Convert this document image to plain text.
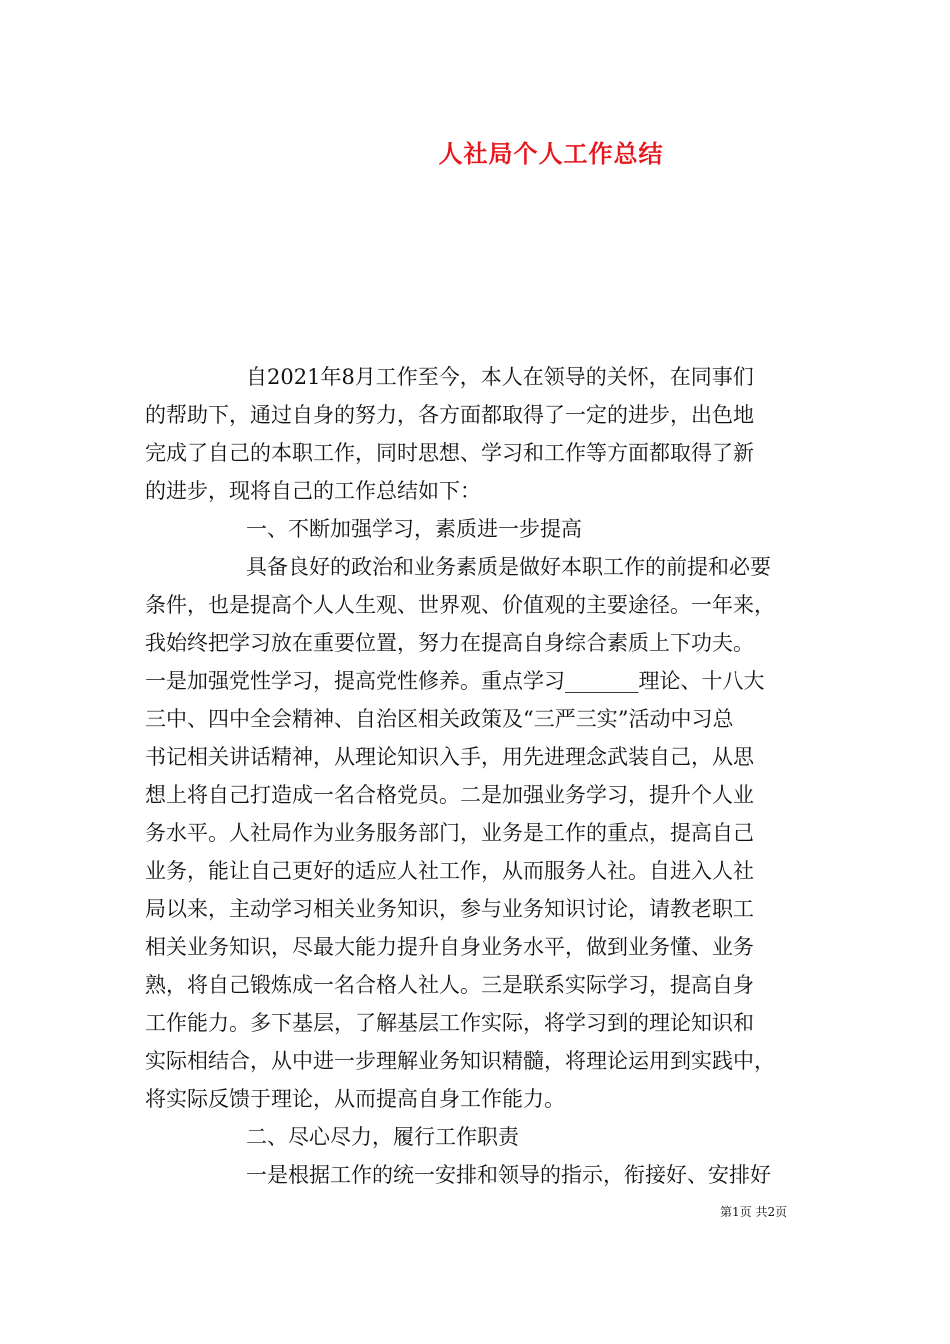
人社局个人工作总结
自2021年8月工作至今，本人在领导的关怀，在同事们
的帮助下，通过自身的努力，各方面都取得了一定的进步，出色地
完成了自己的本职工作，同时思想、学习和工作等方面都取得了新
的进步，现将自己的工作总结如下：
一、不断加强学习，素质进一步提高
具备良好的政治和业务素质是做好本职工作的前提和必要
条件，也是提高个人人生观、世界观、价值观的主要途径。一年来，
我始终把学习放在重要位置，努力在提高自身综合素质上下功夫。
一是加强党性学习，提高党性修养。重点学习_______理论、十八大
三中、四中全会精神、自治区相关政策及“三严三实”活动中习总
书记相关讲话精神，从理论知识入手，用先进理念武装自己，从思
想上将自己打造成一名合格党员。二是加强业务学习，提升个人业
务水平。人社局作为业务服务部门，业务是工作的重点，提高自己
业务，能让自己更好的适应人社工作，从而服务人社。自进入人社
局以来，主动学习相关业务知识，参与业务知识讨论，请教老职工
相关业务知识，尽最大能力提升自身业务水平，做到业务懂、业务
熟，将自己锻炼成一名合格人社人。三是联系实际学习，提高自身
工作能力。多下基层，了解基层工作实际，将学习到的理论知识和
实际相结合，从中进一步理解业务知识精髓，将理论运用到实践中，
将实际反馈于理论，从而提高自身工作能力。
二、尽心尽力，履行工作职责
一是根据工作的统一安排和领导的指示，衔接好、安排好
第1页 共2页
